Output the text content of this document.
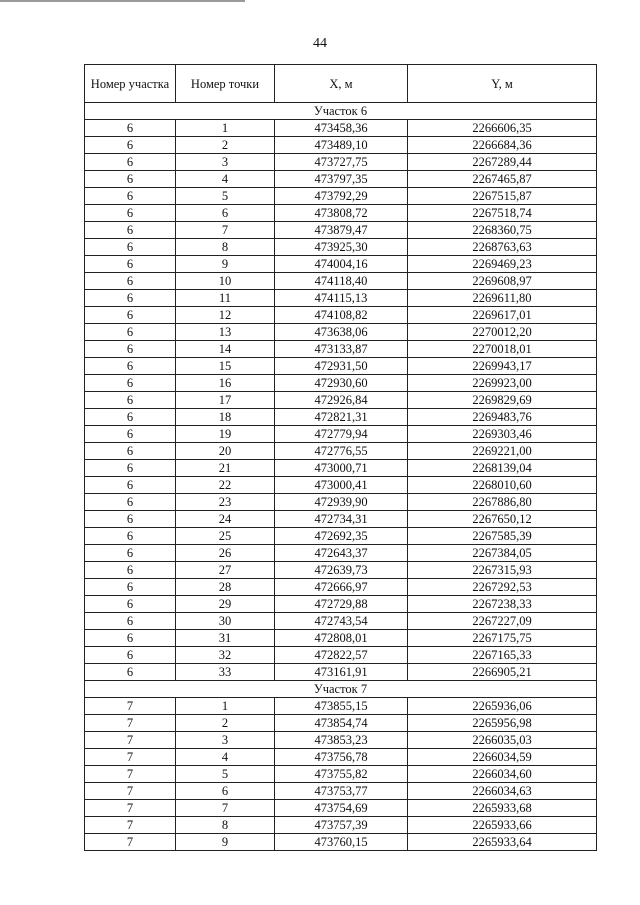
44
Номер участка	Номер точки	X, м	Y, м
Участок 6			
6	1	473458,36	2266606,35
6	2	473489,10	2266684,36
6	3	473727,75	2267289,44
6	4	473797,35	2267465,87
6	5	473792,29	2267515,87
6	6	473808,72	2267518,74
6	7	473879,47	2268360,75
6	8	473925,30	2268763,63
6	9	474004,16	2269469,23
6	10	474118,40	2269608,97
6	11	474115,13	2269611,80
6	12	474108,82	2269617,01
6	13	473638,06	2270012,20
6	14	473133,87	2270018,01
6	15	472931,50	2269943,17
6	16	472930,60	2269923,00
6	17	472926,84	2269829,69
6	18	472821,31	2269483,76
6	19	472779,94	2269303,46
6	20	472776,55	2269221,00
6	21	473000,71	2268139,04
6	22	473000,41	2268010,60
6	23	472939,90	2267886,80
6	24	472734,31	2267650,12
6	25	472692,35	2267585,39
6	26	472643,37	2267384,05
6	27	472639,73	2267315,93
6	28	472666,97	2267292,53
6	29	472729,88	2267238,33
6	30	472743,54	2267227,09
6	31	472808,01	2267175,75
6	32	472822,57	2267165,33
6	33	473161,91	2266905,21
Участок 7			
7	1	473855,15	2265936,06
7	2	473854,74	2265956,98
7	3	473853,23	2266035,03
7	4	473756,78	2266034,59
7	5	473755,82	2266034,60
7	6	473753,77	2266034,63
7	7	473754,69	2265933,68
7	8	473757,39	2265933,66
7	9	473760,15	2265933,64
